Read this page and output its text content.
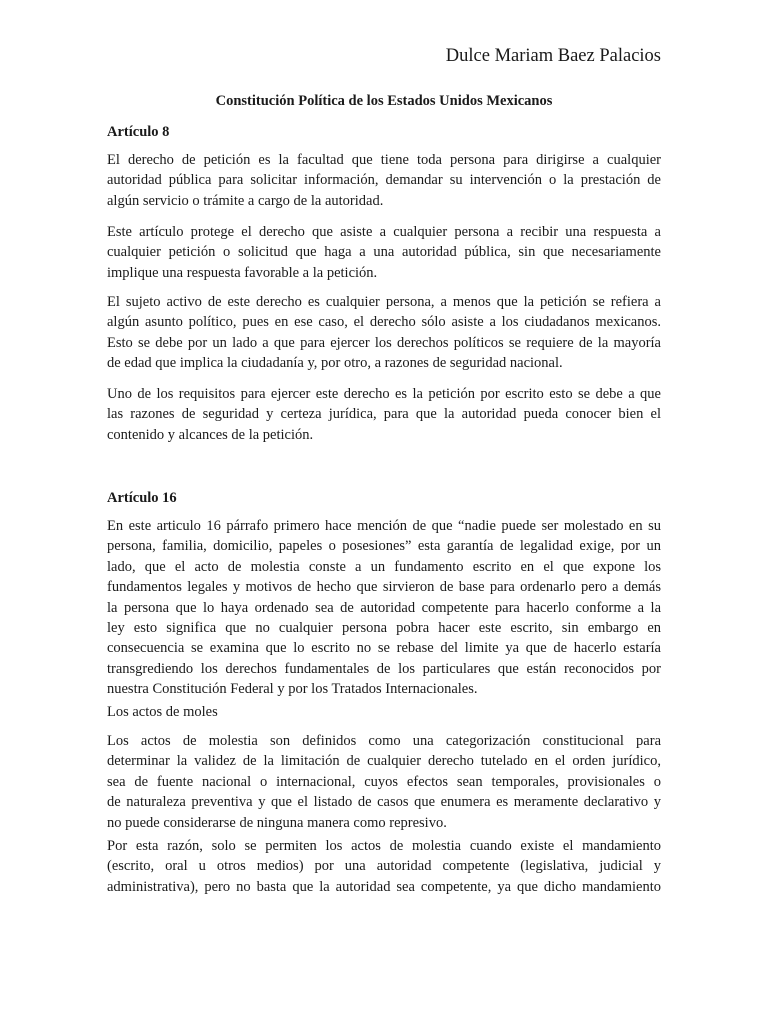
Dulce Mariam Baez Palacios
Constitución Política de los Estados Unidos Mexicanos
Artículo 8
El derecho de petición es la facultad que tiene toda persona para dirigirse a cualquier
autoridad pública para solicitar información, demandar su intervención o la prestación de
algún servicio o trámite a cargo de la autoridad.
Este artículo protege el derecho que asiste a cualquier persona a recibir una respuesta a
cualquier petición o solicitud que haga a una autoridad pública, sin que necesariamente
implique una respuesta favorable a la petición.
El sujeto activo de este derecho es cualquier persona, a menos que la petición se refiera a
algún asunto político, pues en ese caso, el derecho sólo asiste a los ciudadanos mexicanos.
Esto se debe por un lado a que para ejercer los derechos políticos se requiere de la mayoría
de edad que implica la ciudadanía y, por otro, a razones de seguridad nacional.
Uno de los requisitos para ejercer este derecho es la petición por escrito esto se debe a que
las razones de seguridad y certeza jurídica, para que la autoridad pueda conocer bien el
contenido y alcances de la petición.
Artículo 16
En este articulo 16 párrafo primero hace mención de que “nadie puede ser molestado en su
persona, familia, domicilio, papeles o posesiones” esta garantía de legalidad exige, por un
lado, que el acto de molestia conste a un fundamento escrito en el que expone los
fundamentos legales y motivos de hecho que sirvieron de base para ordenarlo pero a demás
la persona que lo haya ordenado sea de autoridad competente para hacerlo conforme a la
ley esto significa que no cualquier persona pobra hacer este escrito, sin embargo en
consecuencia se examina que lo escrito no se rebase del limite ya que de hacerlo estaría
transgrediendo los derechos fundamentales de los particulares que están reconocidos por
nuestra Constitución Federal y por los Tratados Internacionales.
Los actos de moles
Los actos de molestia son definidos como una categorización constitucional para
determinar la validez de la limitación de cualquier derecho tutelado en el orden jurídico,
sea de fuente nacional o internacional, cuyos efectos sean temporales, provisionales o
de naturaleza preventiva y que el listado de casos que enumera es meramente declarativo y
no puede considerarse de ninguna manera como represivo.
Por esta razón, solo se permiten los actos de molestia cuando existe el mandamiento
(escrito, oral u otros medios) por una autoridad competente (legislativa, judicial y
administrativa), pero no basta que la autoridad sea competente, ya que dicho mandamiento
